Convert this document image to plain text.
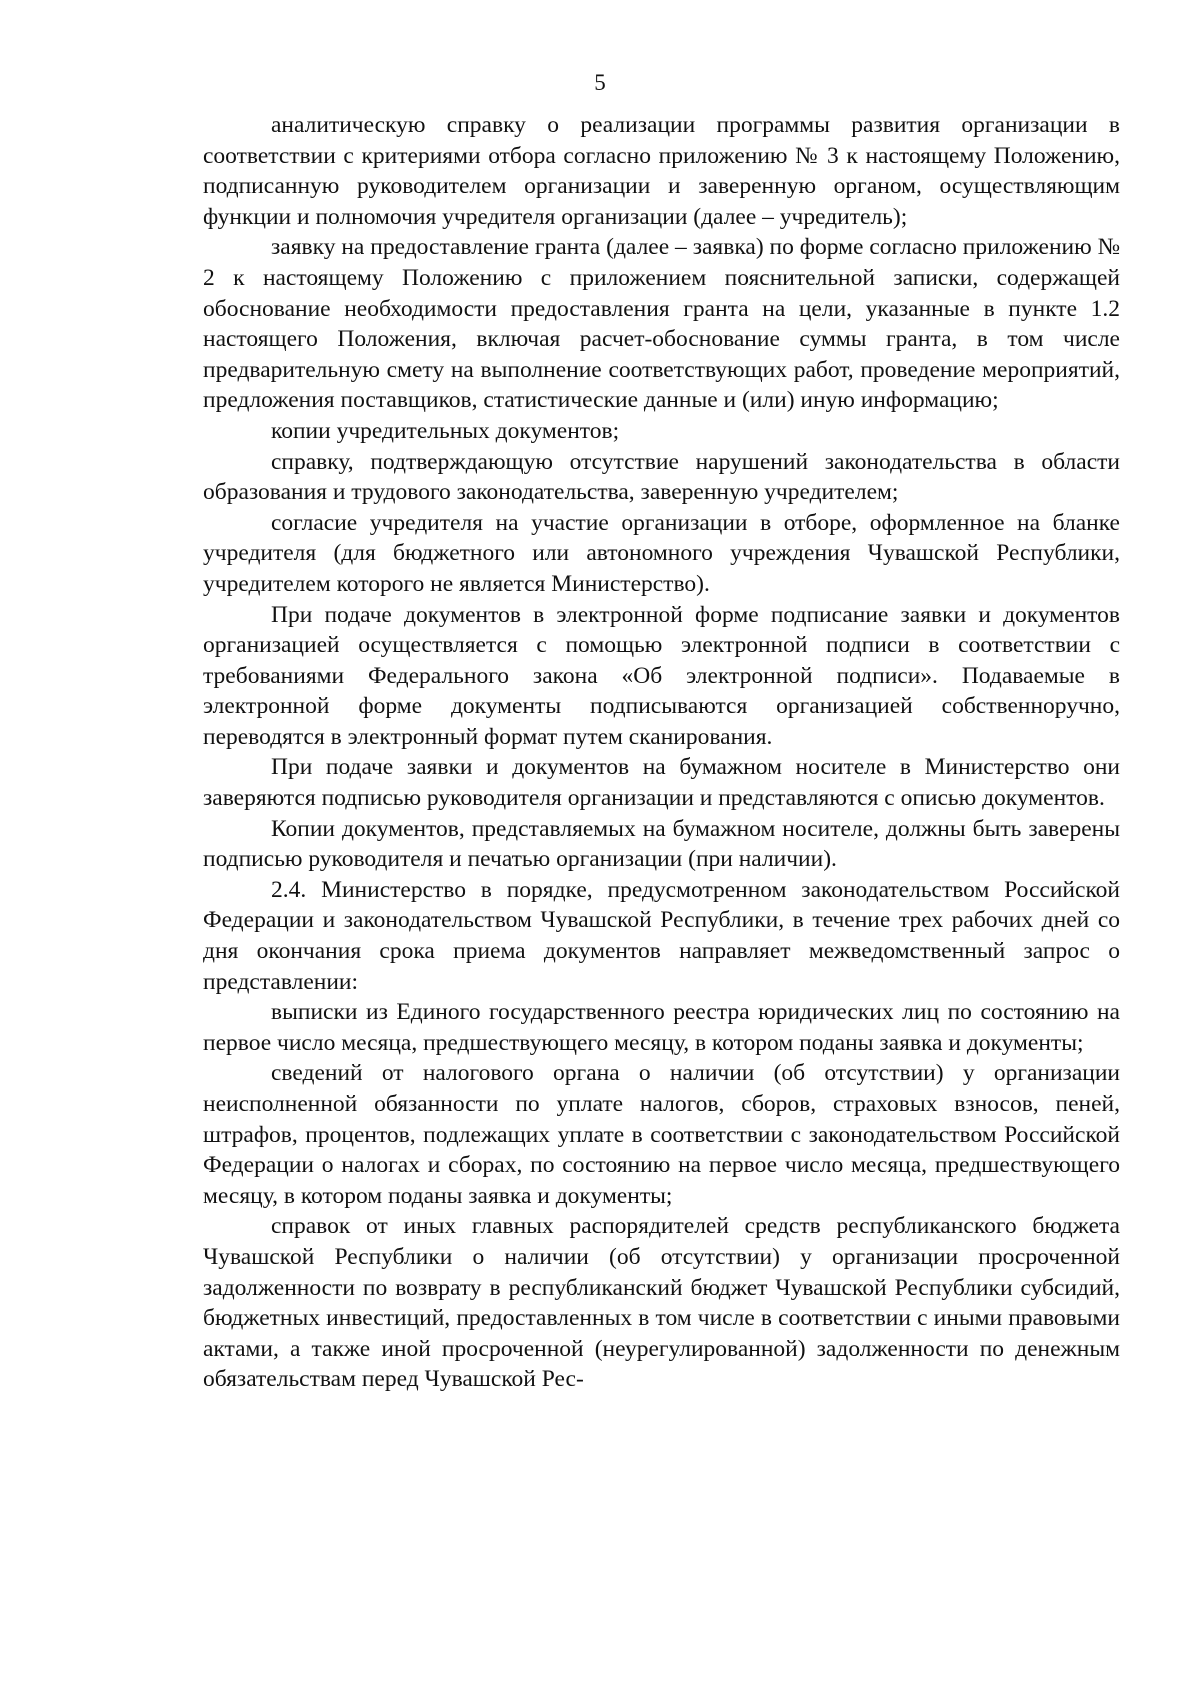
5

аналитическую справку о реализации программы развития организации в соответствии с критериями отбора согласно приложению № 3 к настоящему Положению, подписанную руководителем организации и заверенную органом, осуществляющим функции и полномочия учредителя организации (далее – учредитель);

заявку на предоставление гранта (далее – заявка) по форме согласно приложению № 2 к настоящему Положению с приложением пояснительной записки, содержащей обоснование необходимости предоставления гранта на цели, указанные в пункте 1.2 настоящего Положения, включая расчет-обоснование суммы гранта, в том числе предварительную смету на выполнение соответствующих работ, проведение мероприятий, предложения поставщиков, статистические данные и (или) иную информацию;

копии учредительных документов;

справку, подтверждающую отсутствие нарушений законодательства в области образования и трудового законодательства, заверенную учредителем;

согласие учредителя на участие организации в отборе, оформленное на бланке учредителя (для бюджетного или автономного учреждения Чувашской Республики, учредителем которого не является Министерство).

При подаче документов в электронной форме подписание заявки и документов организацией осуществляется с помощью электронной подписи в соответствии с требованиями Федерального закона «Об электронной подписи». Подаваемые в электронной форме документы подписываются организацией собственноручно, переводятся в электронный формат путем сканирования.

При подаче заявки и документов на бумажном носителе в Министерство они заверяются подписью руководителя организации и представляются с описью документов.

Копии документов, представляемых на бумажном носителе, должны быть заверены подписью руководителя и печатью организации (при наличии).

2.4. Министерство в порядке, предусмотренном законодательством Российской Федерации и законодательством Чувашской Республики, в течение трех рабочих дней со дня окончания срока приема документов направляет межведомственный запрос о представлении:

выписки из Единого государственного реестра юридических лиц по состоянию на первое число месяца, предшествующего месяцу, в котором поданы заявка и документы;

сведений от налогового органа о наличии (об отсутствии) у организации неисполненной обязанности по уплате налогов, сборов, страховых взносов, пеней, штрафов, процентов, подлежащих уплате в соответствии с законодательством Российской Федерации о налогах и сборах, по состоянию на первое число месяца, предшествующего месяцу, в котором поданы заявка и документы;

справок от иных главных распорядителей средств республиканского бюджета Чувашской Республики о наличии (об отсутствии) у организации просроченной задолженности по возврату в республиканский бюджет Чувашской Республики субсидий, бюджетных инвестиций, предоставленных в том числе в соответствии с иными правовыми актами, а также иной просроченной (неурегулированной) задолженности по денежным обязательствам перед Чувашской Рес-
